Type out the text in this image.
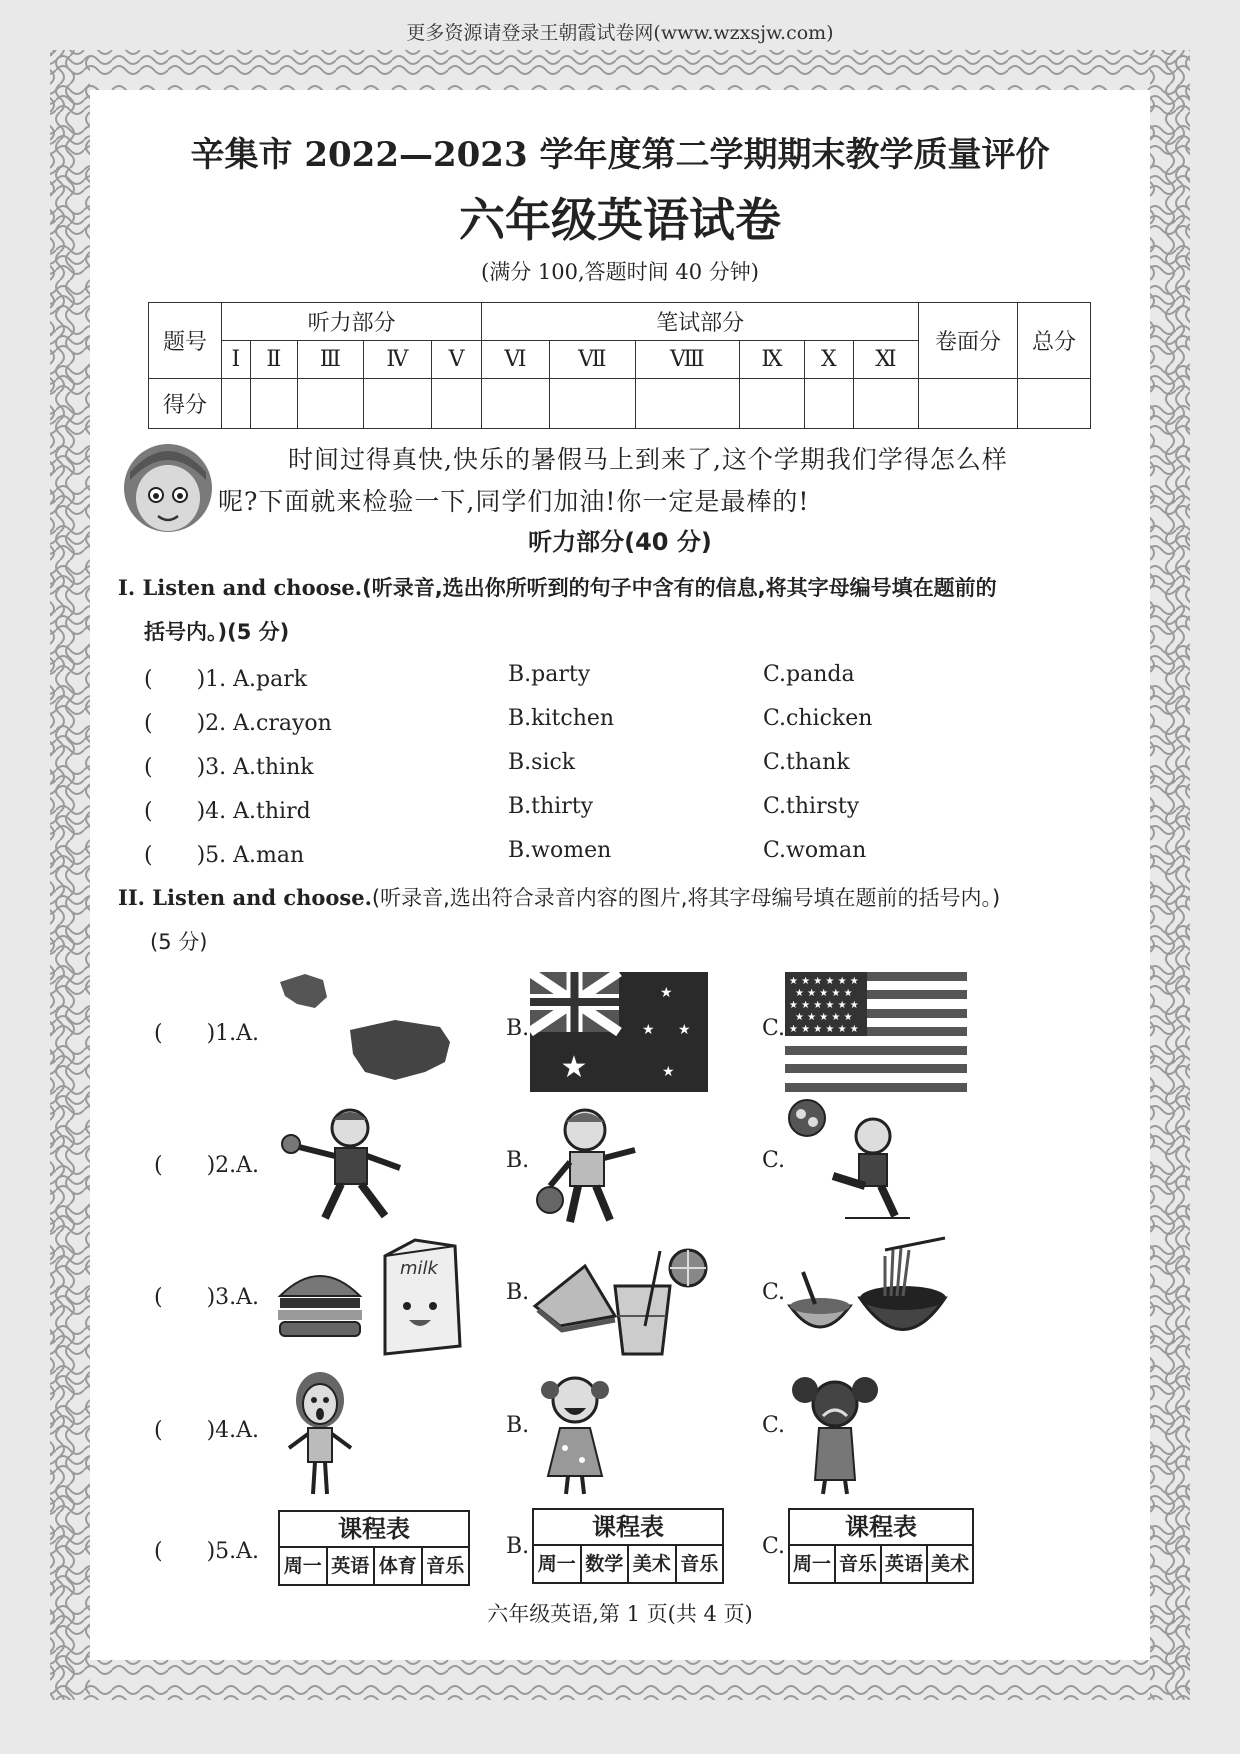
更多资源请登录王朝霞试卷网(www.wzxsjw.com)
辛集市 2022—2023 学年度第二学期期末教学质量评价
六年级英语试卷
(满分 100,答题时间 40 分钟)
题号	听力部分					笔试部分						卷面分	总分
	Ⅰ	Ⅱ	Ⅲ	Ⅳ	Ⅴ	Ⅵ	Ⅶ	Ⅷ	Ⅸ	Ⅹ	Ⅺ		
得分													
时间过得真快,快乐的暑假马上到来了,这个学期我们学得怎么样
呢?下面就来检验一下,同学们加油!你一定是最棒的!
听力部分(40 分)
I. Listen and choose.(听录音,选出你所听到的句子中含有的信息,将其字母编号填在题前的
括号内。)(5 分)
(　　)1. A.park	B.party	C.panda
(　　)2. A.crayon	B.kitchen	C.chicken
(　　)3. A.think	B.sick	C.thank
(　　)4. A.third	B.thirty	C.thirsty
(　　)5. A.man	B.women	C.woman
II. Listen and choose.(听录音,选出符合录音内容的图片,将其字母编号填在题前的括号内。)
(5 分)
(　　)1.A.	B.	C.
★
★
★ ★
★
★ ★ ★ ★ ★ ★
★ ★ ★ ★ ★
★ ★ ★ ★ ★ ★
★ ★ ★ ★ ★
★ ★ ★ ★ ★ ★
(　　)2.A.	B.	C.
(　　)3.A.	B.	C.
milk
(　　)4.A.	B.	C.
(　　)5.A.	B.	C.
课程表
周一 英语 体育 音乐
课程表
周一 数学 美术 音乐
课程表
周一 音乐 英语 美术
六年级英语,第 1 页(共 4 页)
